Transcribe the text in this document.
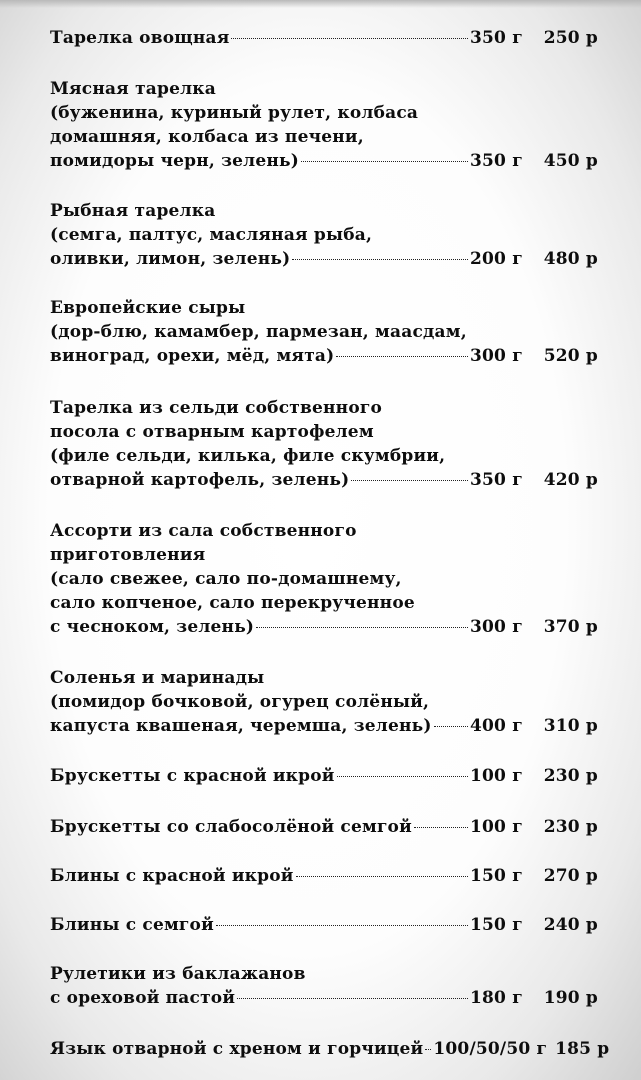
Тарелка овощная	350 г	250 р
Мясная тарелка
(буженина, куриный рулет, колбаса
домашняя, колбаса из печени,
помидоры черн, зелень)	350 г	450 р
Рыбная тарелка
(семга, палтус, масляная рыба,
оливки, лимон, зелень)	200 г	480 р
Европейские сыры
(дор-блю, камамбер, пармезан, маасдам,
виноград, орехи, мёд, мята)	300 г	520 р
Тарелка из сельди собственного
посола с отварным картофелем
(филе сельди, килька, филе скумбрии,
отварной картофель, зелень)	350 г	420 р
Ассорти из сала собственного
приготовления
(сало свежее, сало по-домашнему,
сало копченое, сало перекрученное
с чесноком, зелень)	300 г	370 р
Соленья и маринады
(помидор бочковой, огурец солёный,
капуста квашеная, черемша, зелень) 400 г	310 р
Брускетты с красной икрой	100 г	230 р
Брускетты со слабосолёной семгой	100 г	230 р
Блины с красной икрой	150 г	270 р
Блины с семгой	150 г	240 р
Рулетики из баклажанов
с ореховой пастой	180 г	190 р
Язык отварной с хреном и горчицей 100/50/50 г 185 р
